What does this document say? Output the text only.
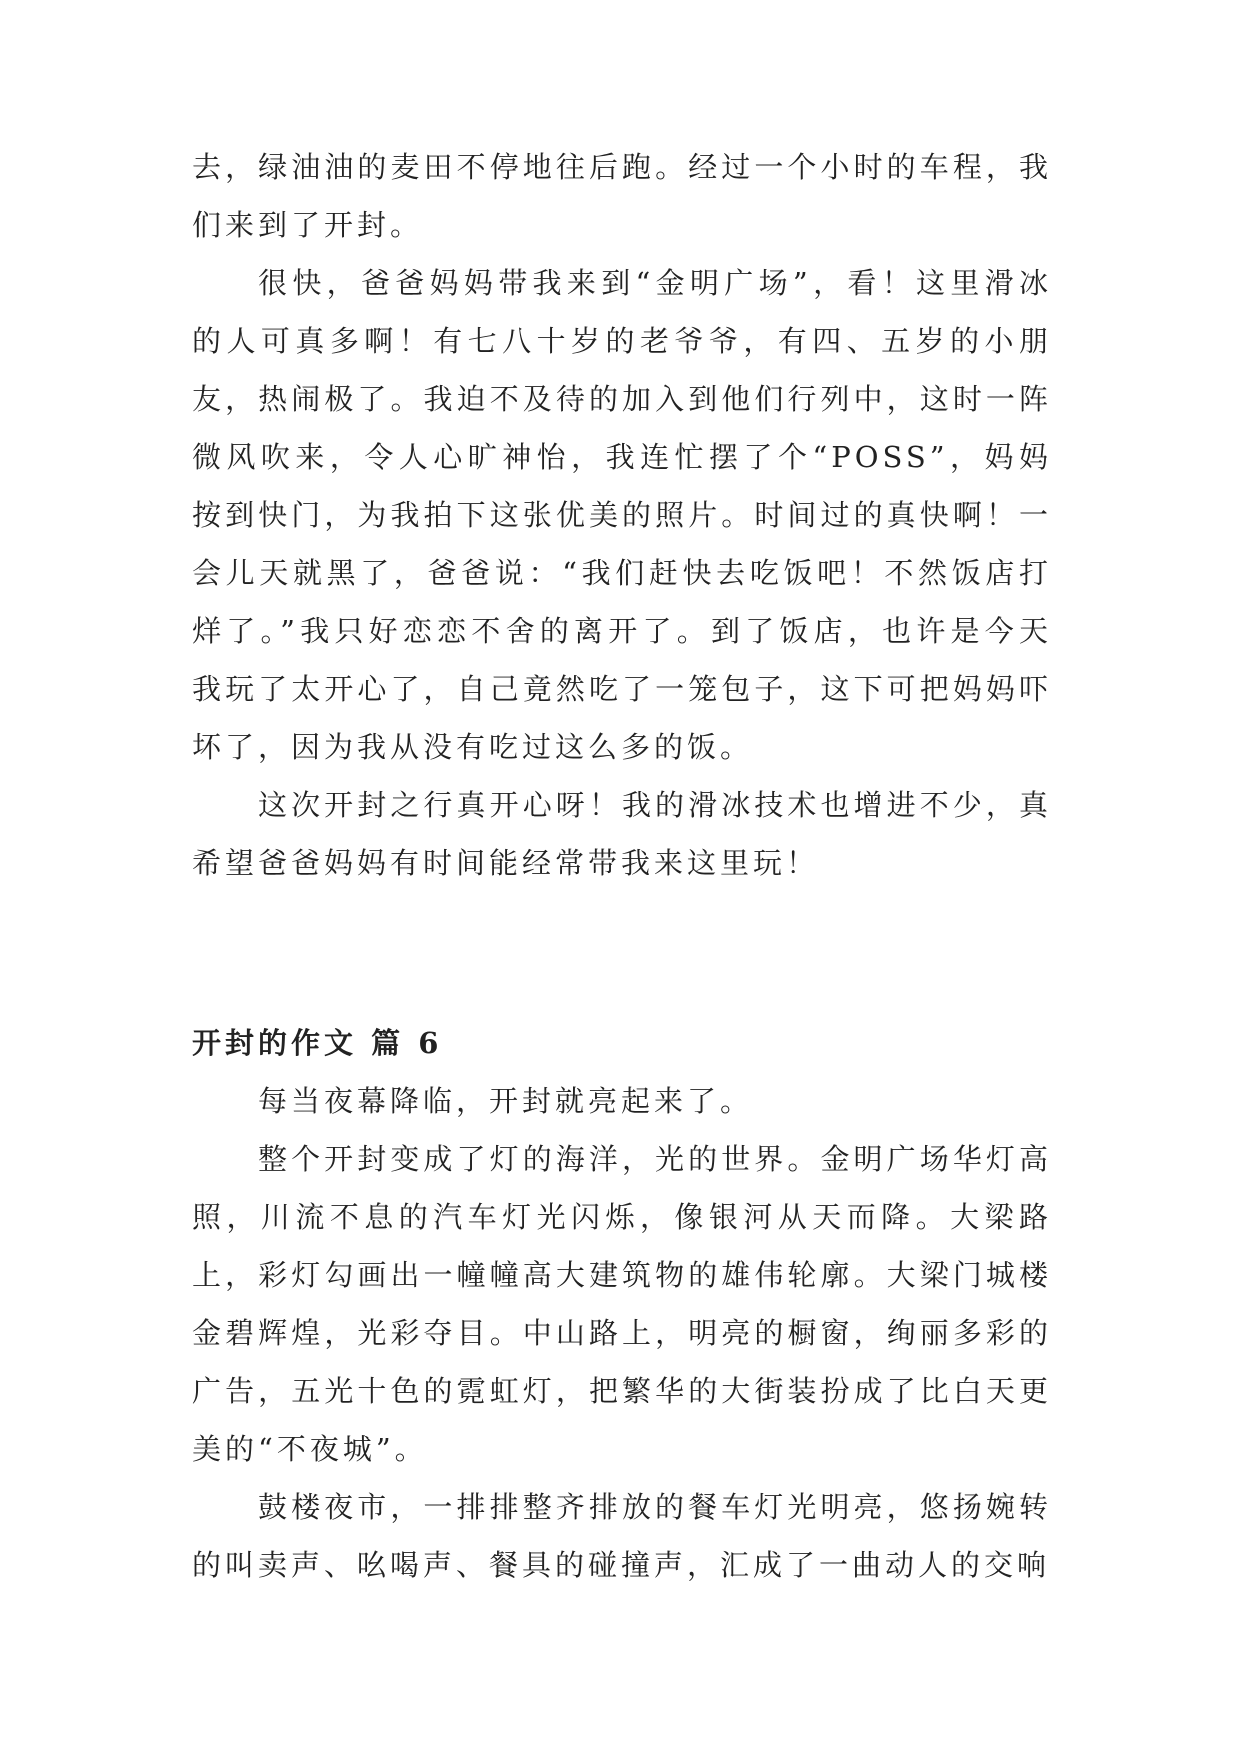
去，绿油油的麦田不停地往后跑。经过一个小时的车程，我们来到了开封。

很快，爸爸妈妈带我来到“金明广场”，看！这里滑冰的人可真多啊！有七八十岁的老爷爷，有四、五岁的小朋友，热闹极了。我迫不及待的加入到他们行列中，这时一阵微风吹来，令人心旷神怡，我连忙摆了个“POSS”，妈妈按到快门，为我拍下这张优美的照片。时间过的真快啊！一会儿天就黑了，爸爸说：“我们赶快去吃饭吧！不然饭店打烊了。”我只好恋恋不舍的离开了。到了饭店，也许是今天我玩了太开心了，自己竟然吃了一笼包子，这下可把妈妈吓坏了，因为我从没有吃过这么多的饭。

这次开封之行真开心呀！我的滑冰技术也增进不少，真希望爸爸妈妈有时间能经常带我来这里玩！

开封的作文 篇 6

每当夜幕降临，开封就亮起来了。

整个开封变成了灯的海洋，光的世界。金明广场华灯高照，川流不息的汽车灯光闪烁，像银河从天而降。大梁路上，彩灯勾画出一幢幢高大建筑物的雄伟轮廓。大梁门城楼金碧辉煌，光彩夺目。中山路上，明亮的橱窗，绚丽多彩的广告，五光十色的霓虹灯，把繁华的大街装扮成了比白天更美的“不夜城”。

鼓楼夜市，一排排整齐排放的餐车灯光明亮，悠扬婉转的叫卖声、吆喝声、餐具的碰撞声，汇成了一曲动人的交响
